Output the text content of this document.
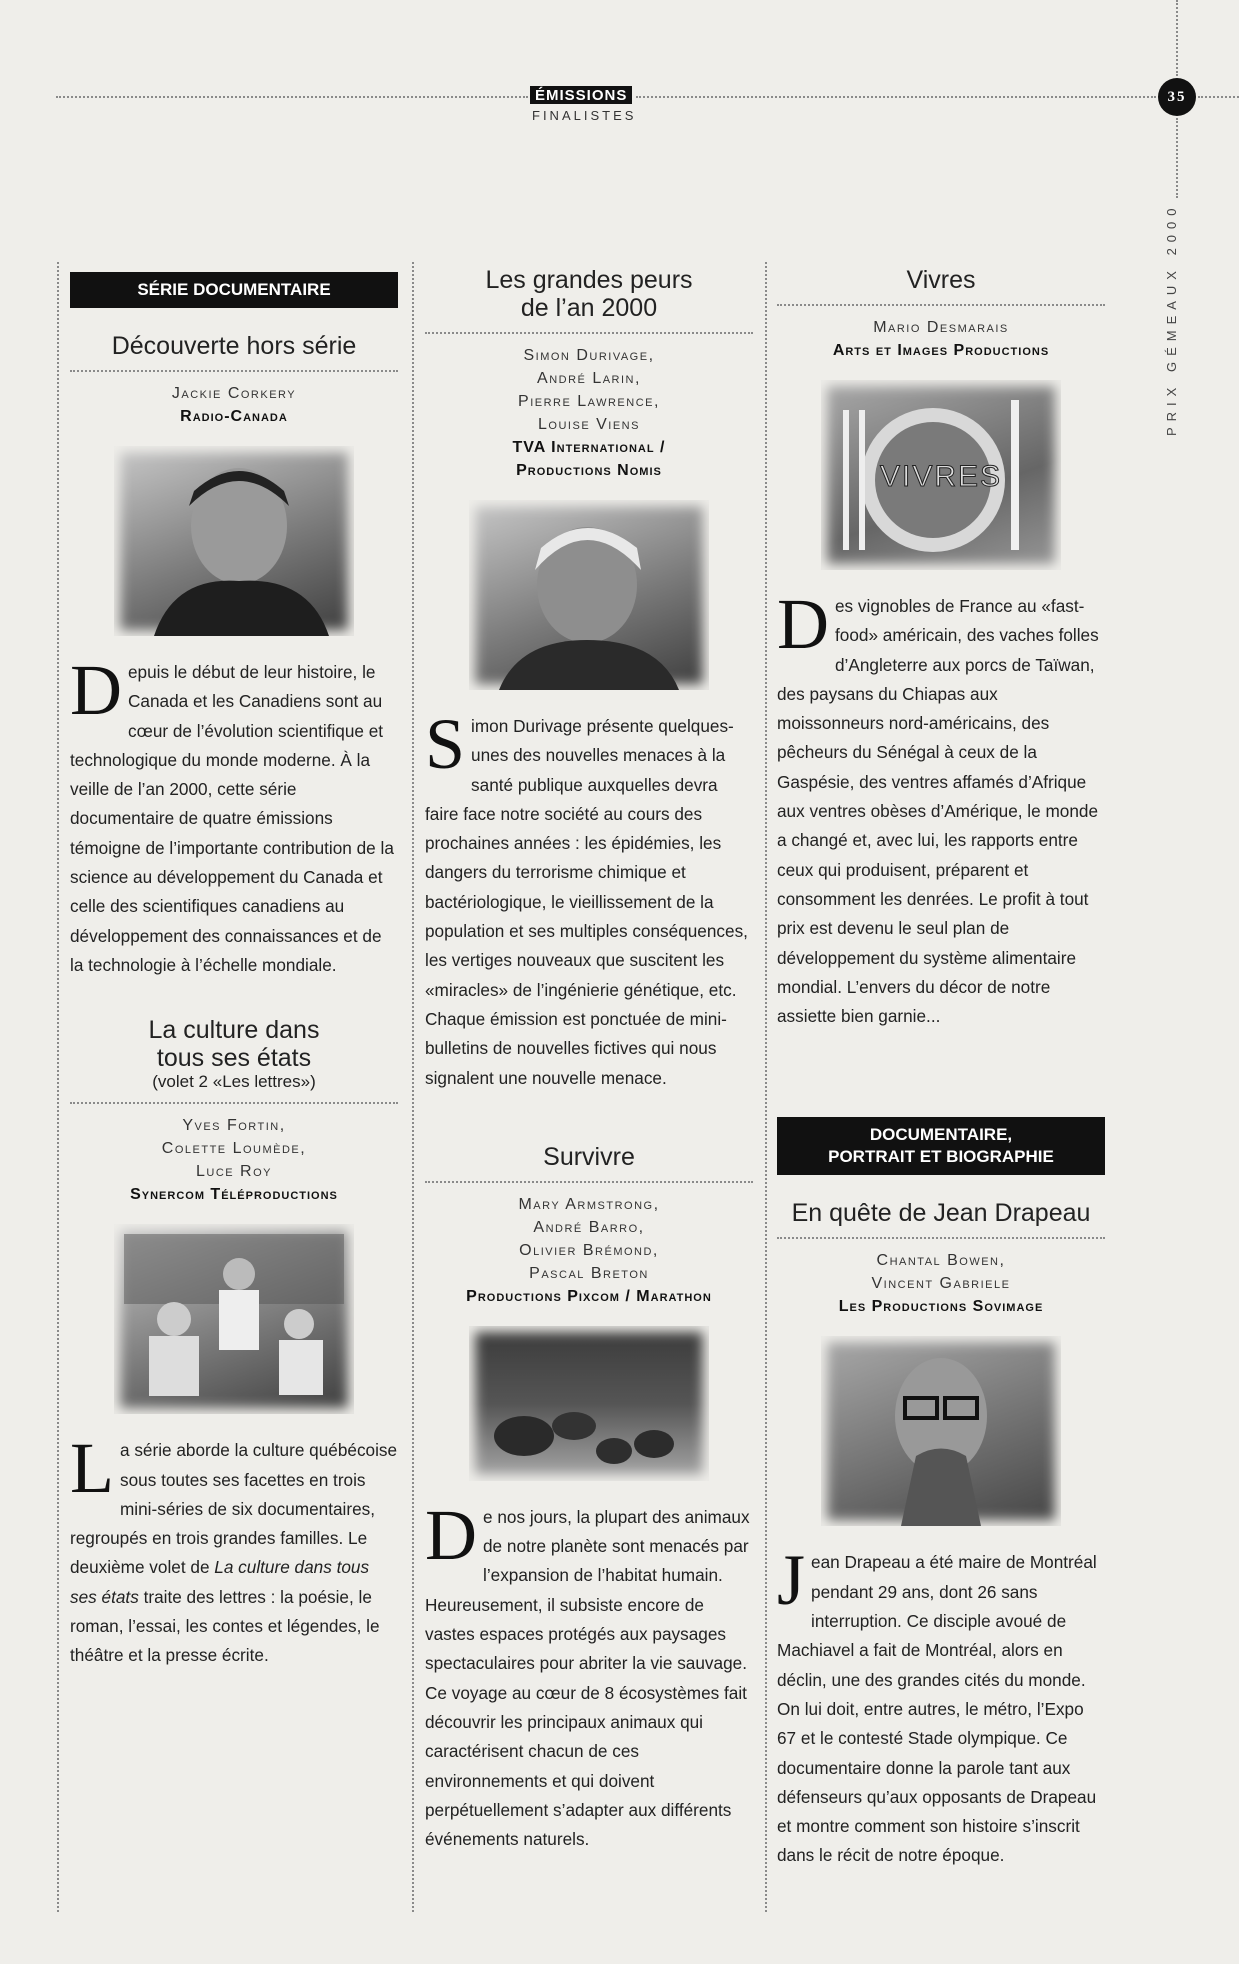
ÉMISSIONS
FINALISTES
35
PRIX GÉMEAUX 2000
SÉRIE DOCUMENTAIRE
Découverte hors série
Jackie Corkery
Radio-Canada
Depuis le début de leur histoire, le Canada et les Canadiens sont au cœur de l’évolution scientifique et technologique du monde moderne. À la veille de l’an 2000, cette série documentaire de quatre émissions témoigne de l’importante contribution de la science au développement du Canada et celle des scientifiques canadiens au développement des connaissances et de la technologie à l’échelle mondiale.
La culture dans
tous ses états
(volet 2 «Les lettres»)
Yves Fortin,
Colette Loumède,
Luce Roy
Synercom Téléproductions
La série aborde la culture québécoise sous toutes ses facettes en trois mini-séries de six documentaires, regroupés en trois grandes familles. Le deuxième volet de La culture dans tous ses états traite des lettres : la poésie, le roman, l’essai, les contes et légendes, le théâtre et la presse écrite.
Les grandes peurs
de l’an 2000
Simon Durivage,
André Larin,
Pierre Lawrence,
Louise Viens
TVA International /
Productions Nomis
Simon Durivage présente quelques-unes des nouvelles menaces à la santé publique auxquelles devra faire face notre société au cours des prochaines années : les épidémies, les dangers du terrorisme chimique et bactériologique, le vieillissement de la population et ses multiples conséquences, les vertiges nouveaux que suscitent les «miracles» de l’ingénierie génétique, etc. Chaque émission est ponctuée de mini-bulletins de nouvelles fictives qui nous signalent une nouvelle menace.
Survivre
Mary Armstrong,
André Barro,
Olivier Brémond,
Pascal Breton
Productions Pixcom / Marathon
De nos jours, la plupart des animaux de notre planète sont menacés par l’expansion de l’habitat humain. Heureusement, il subsiste encore de vastes espaces protégés aux paysages spectaculaires pour abriter la vie sauvage. Ce voyage au cœur de 8 écosystèmes fait découvrir les principaux animaux qui caractérisent chacun de ces environnements et qui doivent perpétuellement s’adapter aux différents événements naturels.
Vivres
Mario Desmarais
Arts et Images Productions
VIVRES
Des vignobles de France au «fast-food» américain, des vaches folles d’Angleterre aux porcs de Taïwan, des paysans du Chiapas aux moissonneurs nord-américains, des pêcheurs du Sénégal à ceux de la Gaspésie, des ventres affamés d’Afrique aux ventres obèses d’Amérique, le monde a changé et, avec lui, les rapports entre ceux qui produisent, préparent et consomment les denrées. Le profit à tout prix est devenu le seul plan de développement du système alimentaire mondial. L’envers du décor de notre assiette bien garnie...
DOCUMENTAIRE,
PORTRAIT ET BIOGRAPHIE
En quête de Jean Drapeau
Chantal Bowen,
Vincent Gabriele
Les Productions Sovimage
Jean Drapeau a été maire de Montréal pendant 29 ans, dont 26 sans interruption. Ce disciple avoué de Machiavel a fait de Montréal, alors en déclin, une des grandes cités du monde. On lui doit, entre autres, le métro, l’Expo 67 et le contesté Stade olympique. Ce documentaire donne la parole tant aux défenseurs qu’aux opposants de Drapeau et montre comment son histoire s’inscrit dans le récit de notre époque.
